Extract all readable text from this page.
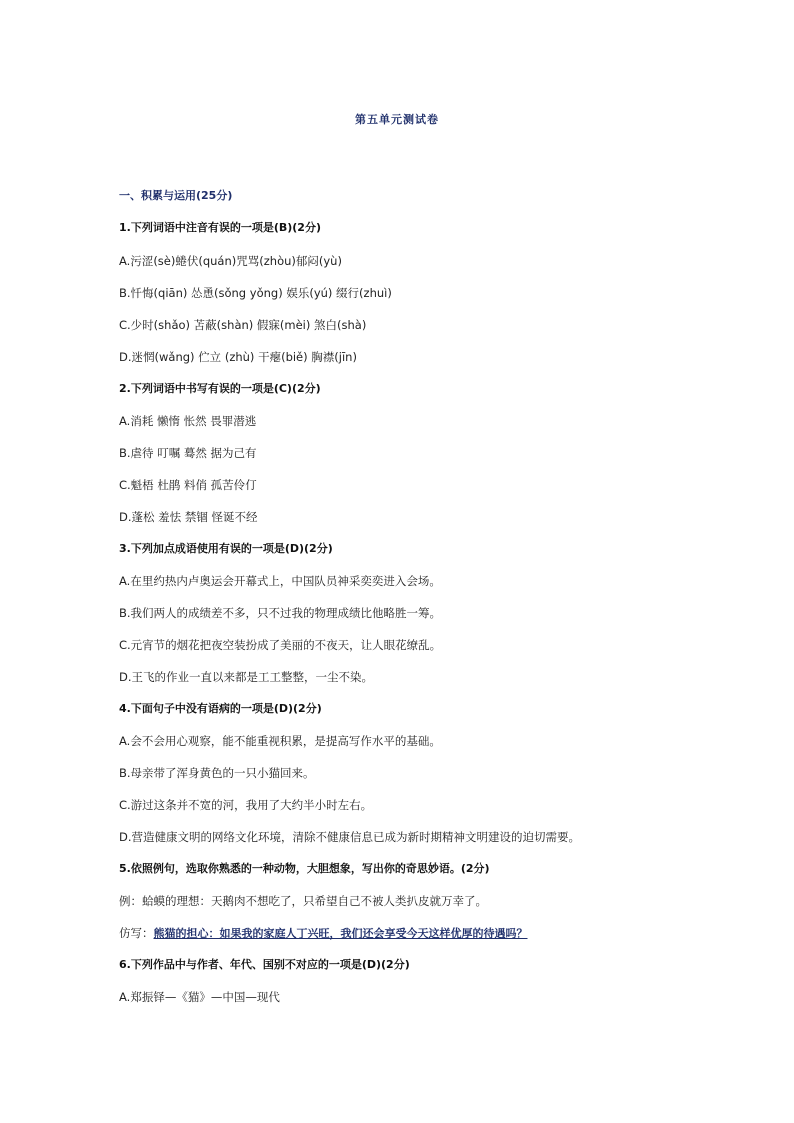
第五单元测试卷
一、积累与运用(25分)
1.下列词语中注音有误的一项是(B)(2分)
A.污涩(sè)蜷伏(quán)咒骂(zhòu)郁闷(yù)
B.忏悔(qiān) 怂恿(sǒng yǒng) 娱乐(yú) 缀行(zhuì)
C.少时(shǎo) 苫蔽(shàn) 假寐(mèi) 煞白(shà)
D.迷惘(wǎng) 伫立 (zhù) 干瘪(biě) 胸襟(jīn)
2.下列词语中书写有误的一项是(C)(2分)
A.消耗 懒惰 怅然 畏罪潜逃
B.虐待 叮嘱 蓦然 据为己有
C.魁梧 杜鹃 料俏 孤苦伶仃
D.蓬松 羞怯 禁锢 怪诞不经
3.下列加点成语使用有误的一项是(D)(2分)
A.在里约热内卢奥运会开幕式上，中国队员神采奕奕进入会场。
B.我们两人的成绩差不多，只不过我的物理成绩比他略胜一筹。
C.元宵节的烟花把夜空装扮成了美丽的不夜天，让人眼花缭乱。
D.王飞的作业一直以来都是工工整整，一尘不染。
4.下面句子中没有语病的一项是(D)(2分)
A.会不会用心观察，能不能重视积累，是提高写作水平的基础。
B.母亲带了浑身黄色的一只小猫回来。
C.游过这条并不宽的河，我用了大约半小时左右。
D.营造健康文明的网络文化环境，清除不健康信息已成为新时期精神文明建设的迫切需要。
5.依照例句，选取你熟悉的一种动物，大胆想象，写出你的奇思妙语。(2分)
例：蛤蟆的理想：天鹅肉不想吃了，只希望自己不被人类扒皮就万幸了。
仿写：熊猫的担心：如果我的家庭人丁兴旺，我们还会享受今天这样优厚的待遇吗？
6.下列作品中与作者、年代、国别不对应的一项是(D)(2分)
A.郑振铎—《猫》—中国—现代
